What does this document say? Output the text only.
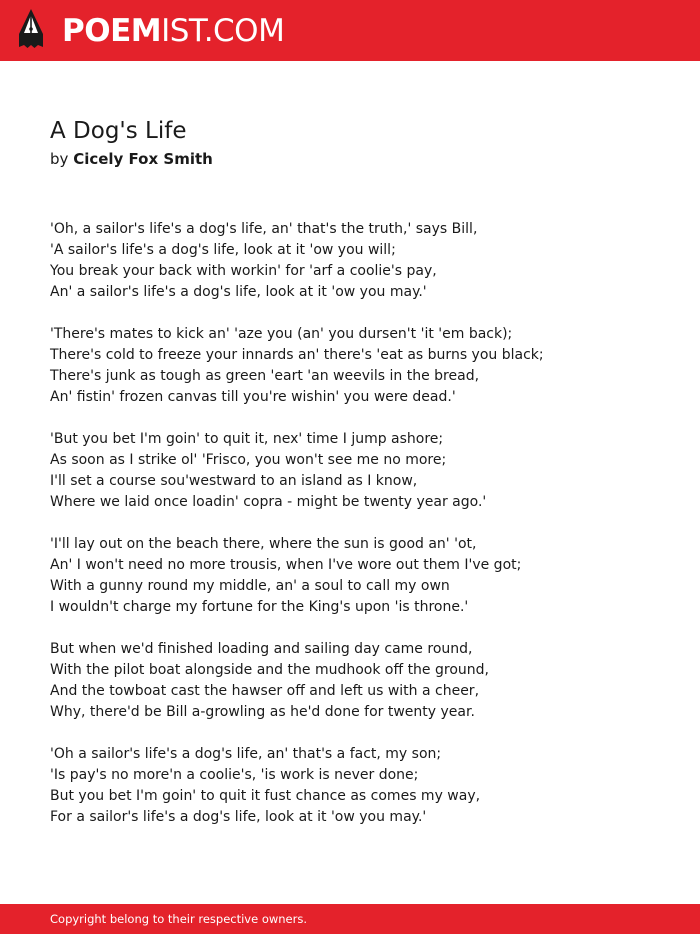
POEMIST.COM
A Dog's Life
by Cicely Fox Smith
'Oh, a sailor's life's a dog's life, an' that's the truth,' says Bill,
'A sailor's life's a dog's life, look at it 'ow you will;
You break your back with workin' for 'arf a coolie's pay,
An' a sailor's life's a dog's life, look at it 'ow you may.'
'There's mates to kick an' 'aze you (an' you dursen't 'it 'em back);
There's cold to freeze your innards an' there's 'eat as burns you black;
There's junk as tough as green 'eart 'an weevils in the bread,
An' fistin' frozen canvas till you're wishin' you were dead.'
'But you bet I'm goin' to quit it, nex' time I jump ashore;
As soon as I strike ol' 'Frisco, you won't see me no more;
I'll set a course sou'westward to an island as I know,
Where we laid once loadin' copra - might be twenty year ago.'
'I'll lay out on the beach there, where the sun is good an' 'ot,
An' I won't need no more trousis, when I've wore out them I've got;
With a gunny round my middle, an' a soul to call my own
I wouldn't charge my fortune for the King's upon 'is throne.'
But when we'd finished loading and sailing day came round,
With the pilot boat alongside and the mudhook off the ground,
And the towboat cast the hawser off and left us with a cheer,
Why, there'd be Bill a-growling as he'd done for twenty year.
'Oh a sailor's life's a dog's life, an' that's a fact, my son;
'Is pay's no more'n a coolie's, 'is work is never done;
But you bet I'm goin' to quit it fust chance as comes my way,
For a sailor's life's a dog's life, look at it 'ow you may.'
Copyright belong to their respective owners.
